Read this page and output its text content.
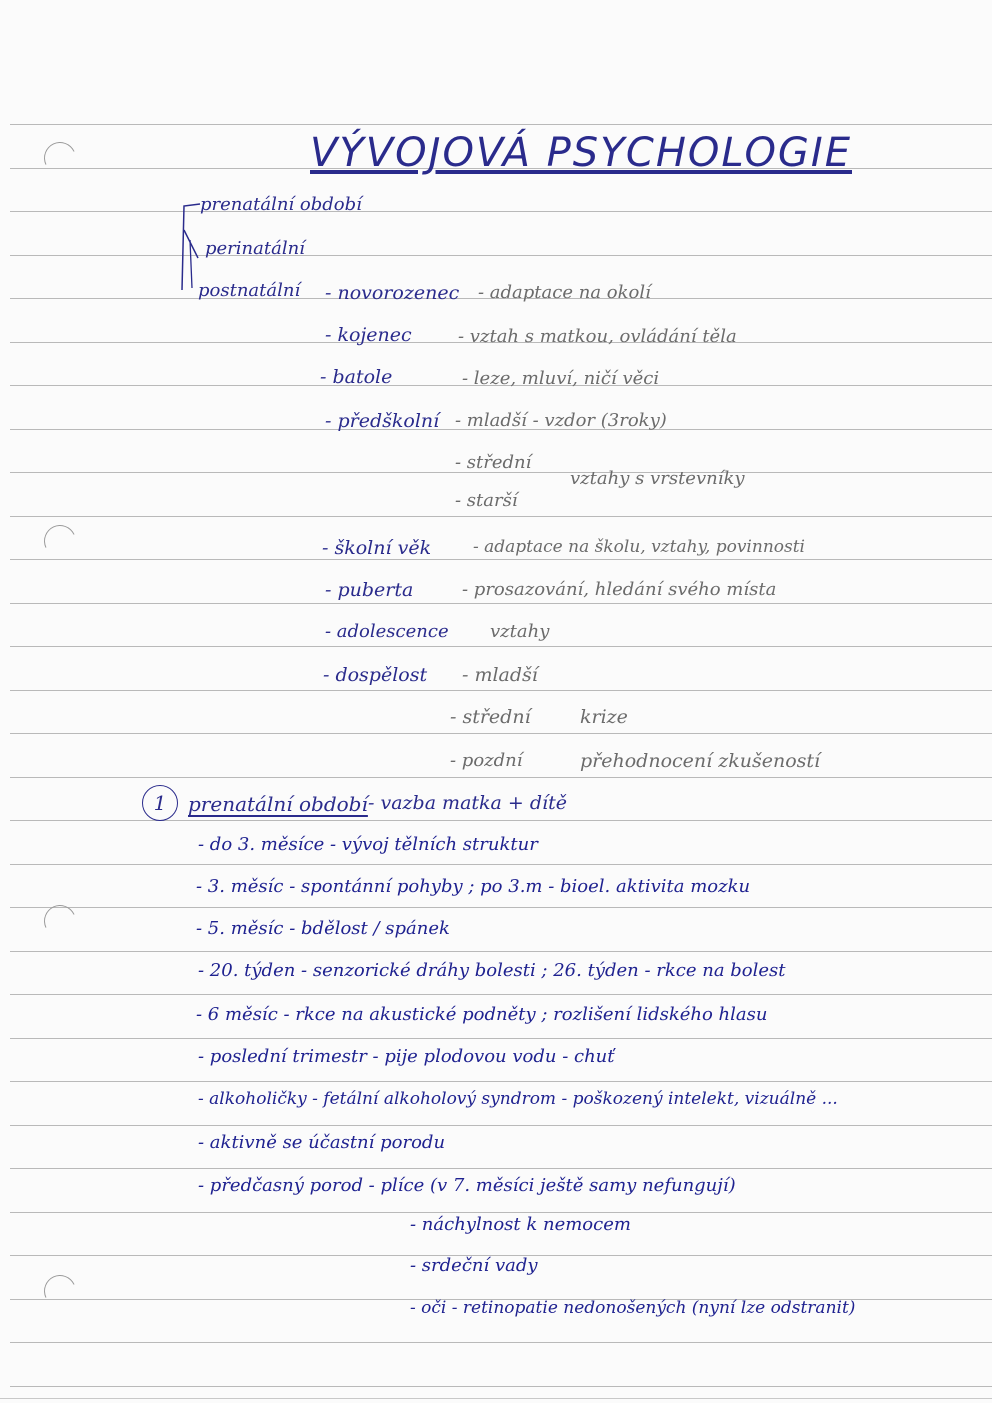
VÝVOJOVÁ PSYCHOLOGIE
prenatální období
perinatální
postnatální - novorozenec - adaptace na okolí
- kojenec	- vztah s matkou, ovládání těla
- batole	- leze, mluví, ničí věci
- předškolní - mladší - vzdor (3roky)
- střední
vztahy s vrstevníky
- starší
- školní věk - adaptace na školu, vztahy, povinnosti
- puberta	- prosazování, hledání svého místa
- adolescence vztahy
- dospělost - mladší
- střední	krize
- pozdní	přehodnocení zkušeností
1	prenatální období - vazba matka + dítě
- do 3. měsíce - vývoj tělních struktur
- 3. měsíc - spontánní pohyby ; po 3.m - bioel. aktivita mozku
- 5. měsíc - bdělost / spánek
- 20. týden - senzorické dráhy bolesti ; 26. týden - rkce na bolest
- 6 měsíc - rkce na akustické podněty ; rozlišení lidského hlasu
- poslední trimestr - pije plodovou vodu - chuť
- alkoholičky - fetální alkoholový syndrom - poškozený intelekt, vizuálně ...
- aktivně se účastní porodu
- předčasný porod - plíce (v 7. měsíci ještě samy nefungují)
- náchylnost k nemocem
- srdeční vady
- oči - retinopatie nedonošených (nyní lze odstranit)
